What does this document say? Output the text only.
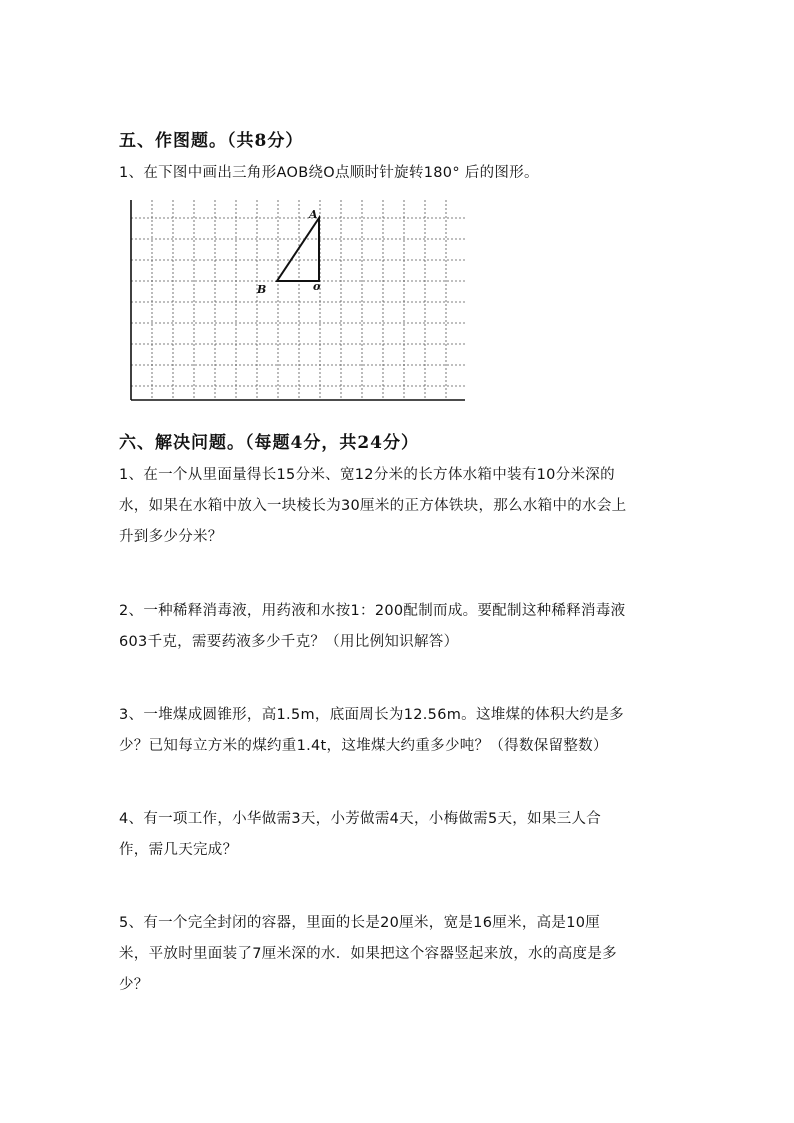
五、作图题。（共8分）
1、在下图中画出三角形AOB绕O点顺时针旋转180° 后的图形。
A
B	o
六、解决问题。（每题4分，共24分）
1、在一个从里面量得长15分米、宽12分米的长方体水箱中装有10分米深的
水，如果在水箱中放入一块棱长为30厘米的正方体铁块，那么水箱中的水会上
升到多少分米？
2、一种稀释消毒液，用药液和水按1：200配制而成。要配制这种稀释消毒液
603千克，需要药液多少千克？（用比例知识解答）
3、一堆煤成圆锥形，高1.5m，底面周长为12.56m。这堆煤的体积大约是多
少？已知每立方米的煤约重1.4t，这堆煤大约重多少吨？（得数保留整数）
4、有一项工作，小华做需3天，小芳做需4天，小梅做需5天，如果三人合
作，需几天完成？
5、有一个完全封闭的容器，里面的长是20厘米，宽是16厘米，高是10厘
米，平放时里面装了7厘米深的水．如果把这个容器竖起来放，水的高度是多
少？
